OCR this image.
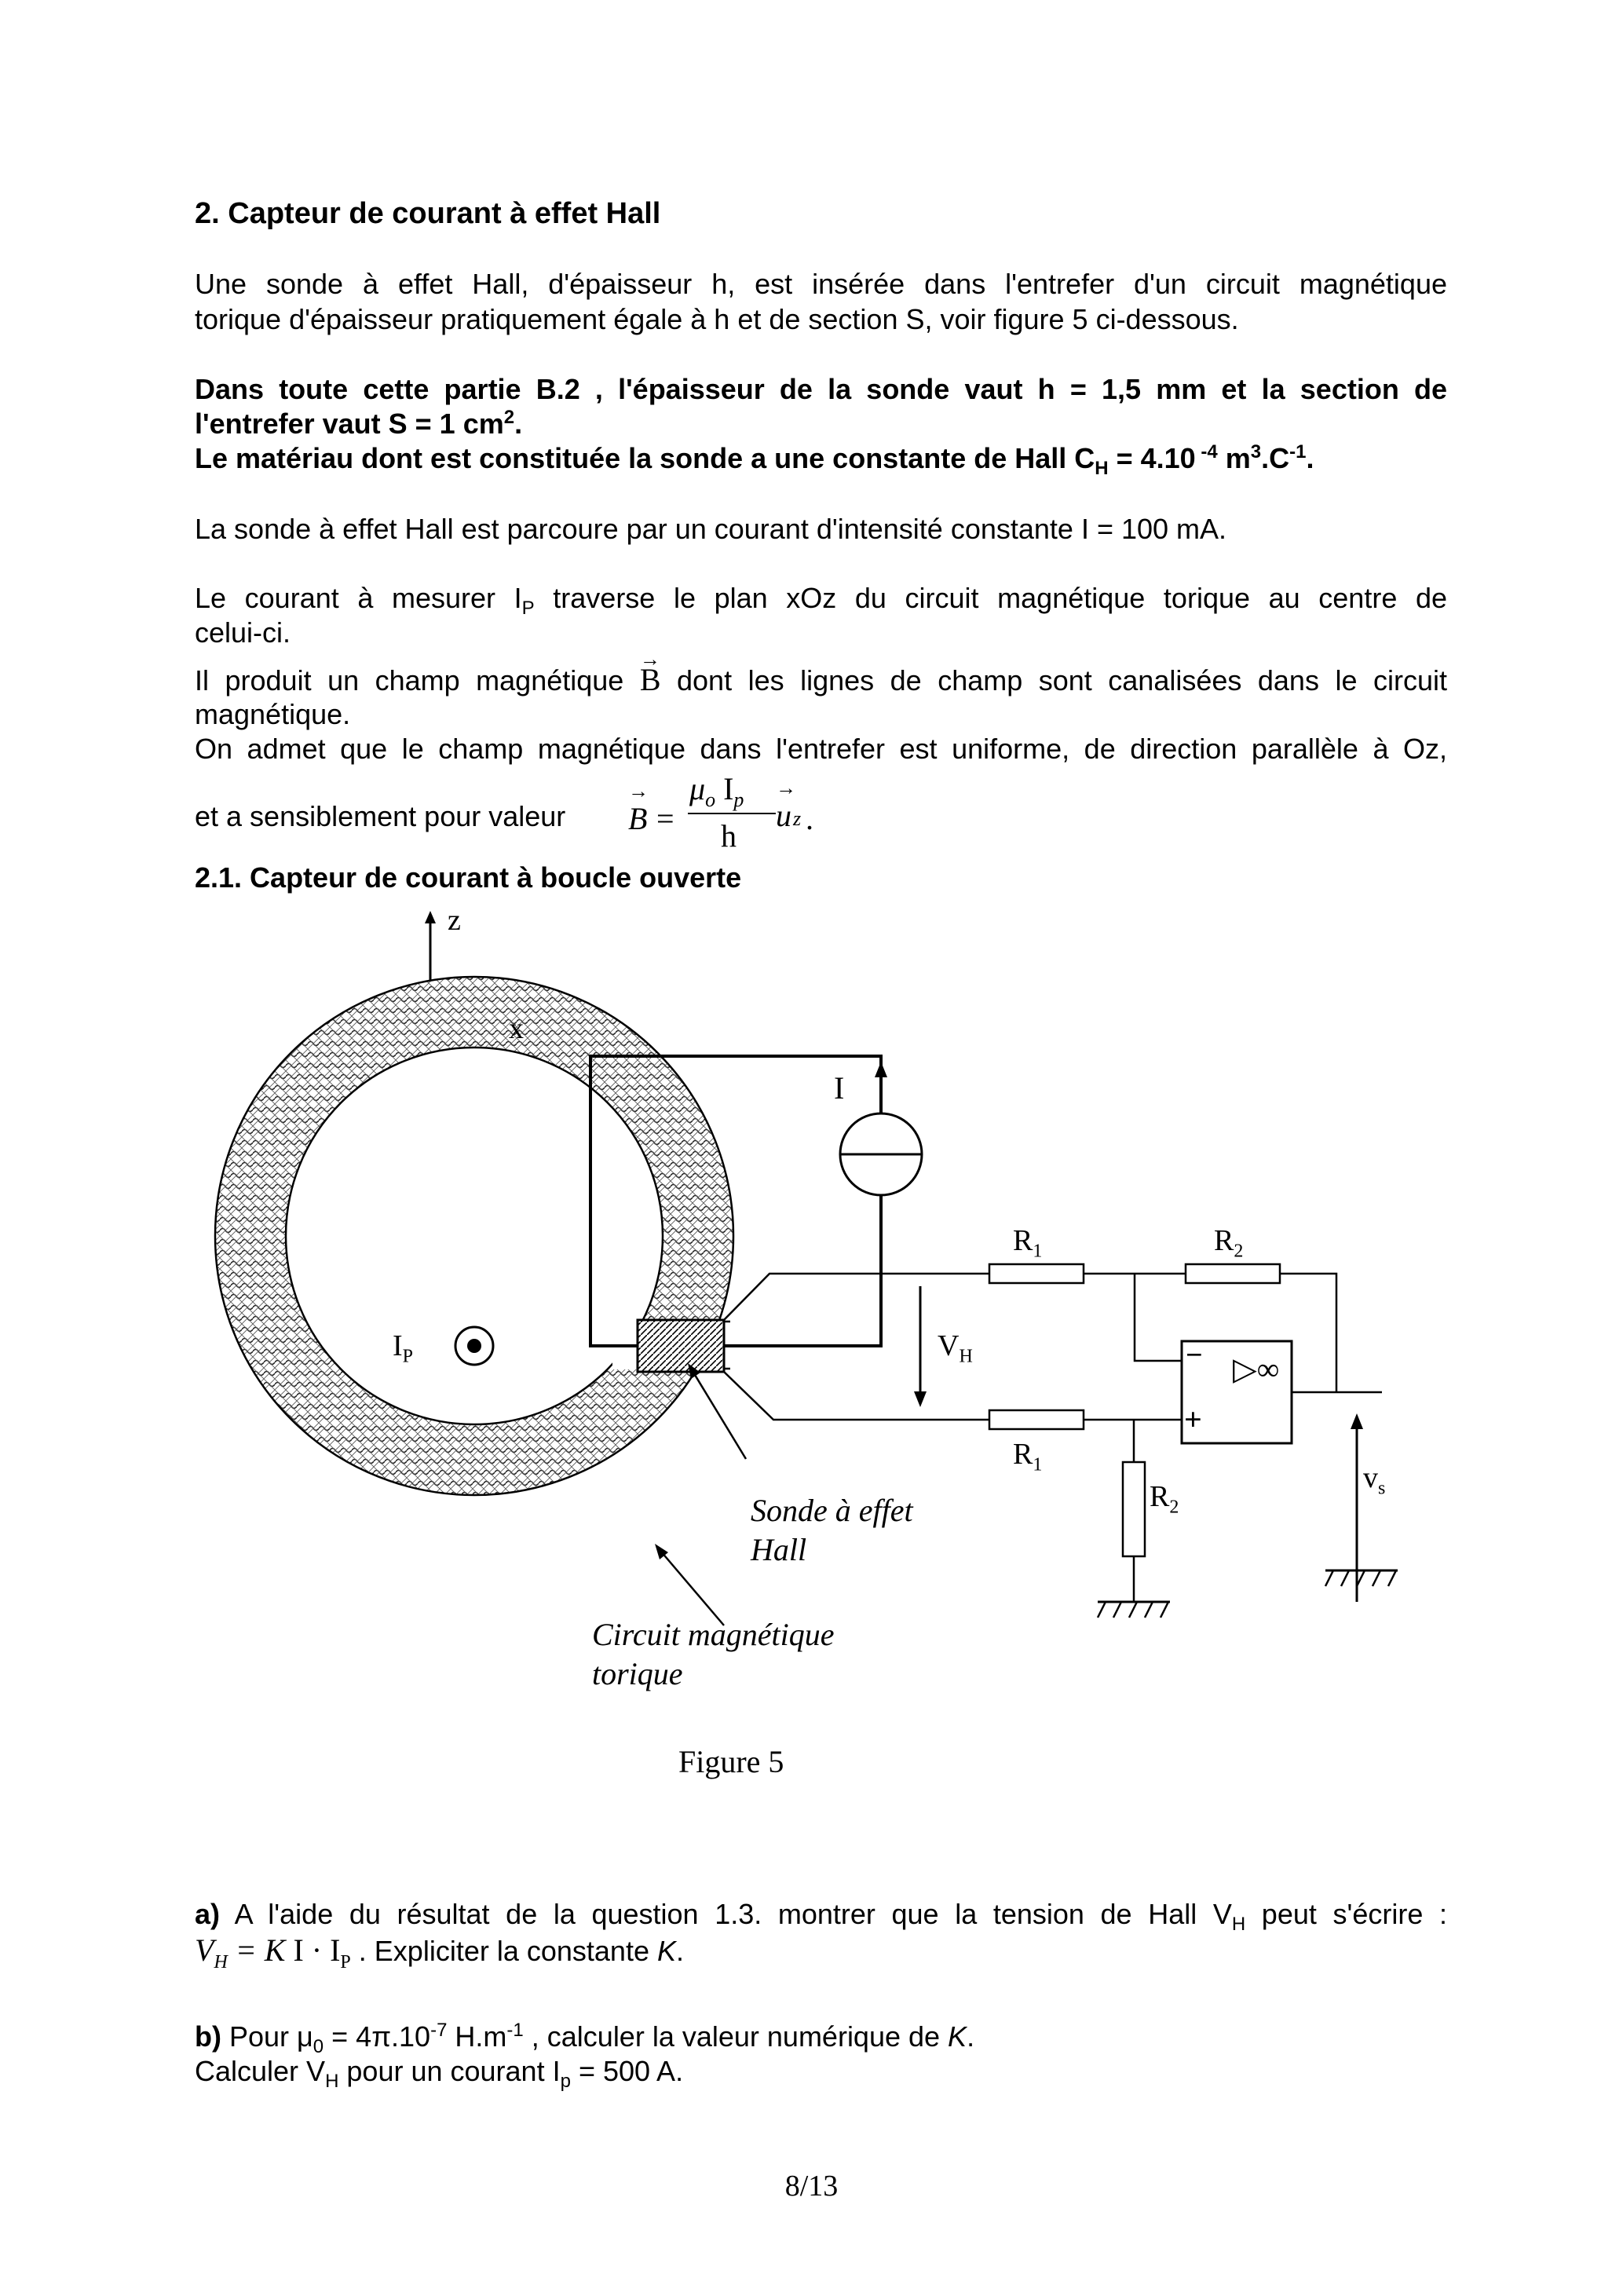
2. Capteur de courant à effet Hall

Une sonde à effet Hall, d'épaisseur h, est insérée dans l'entrefer d'un circuit magnétique

torique d'épaisseur pratiquement égale à h et de section S, voir figure 5 ci-dessous.

Dans toute cette partie B.2 , l'épaisseur de la sonde vaut h = 1,5 mm et la section de

l'entrefer vaut S = 1 $cm^2$.

Le matériau dont est constituée la sonde a une constante de Hall $C_H = 4.10$ $^{-4}$ $m^3.C^{-1}$.

La sonde à effet Hall est parcoure par un courant d'intensité constante I = 100 mA.

Le courant à mesurer $I_P$ traverse le plan xOz du circuit magnétique torique au centre de

celui-ci.

Il produit un champ magnétique → B dont les lignes de champ sont canalisées dans le circuit

magnétique.

On admet que le champ magnétique dans l'entrefer est uniforme, de direction parallèle à Oz,

et a sensiblement pour valeur

→ B =
$\mu_o$ $I_p$
h
→ u z .

2.1. Capteur de courant à boucle ouverte

z
x
I
$I_P$
$R_1$	$R_2$
$V_H$
$R_1$
$R_2$
$v_s$
−
+
▷∞
Sonde à effet
Hall
Circuit magnétique
torique
Figure 5

a) A l'aide du résultat de la question 1.3. montrer que la tension de Hall $V_H$ peut s'écrire :

$V_H = K$ $I \cdot I_P$ . Expliciter la constante K.

b) Pour $\mu_0 = 4\pi.10^{-7}$ $H.m^{-1}$ , calculer la valeur numérique de K.

Calculer $V_H$ pour un courant $I_p = 500$ A.

8/13
